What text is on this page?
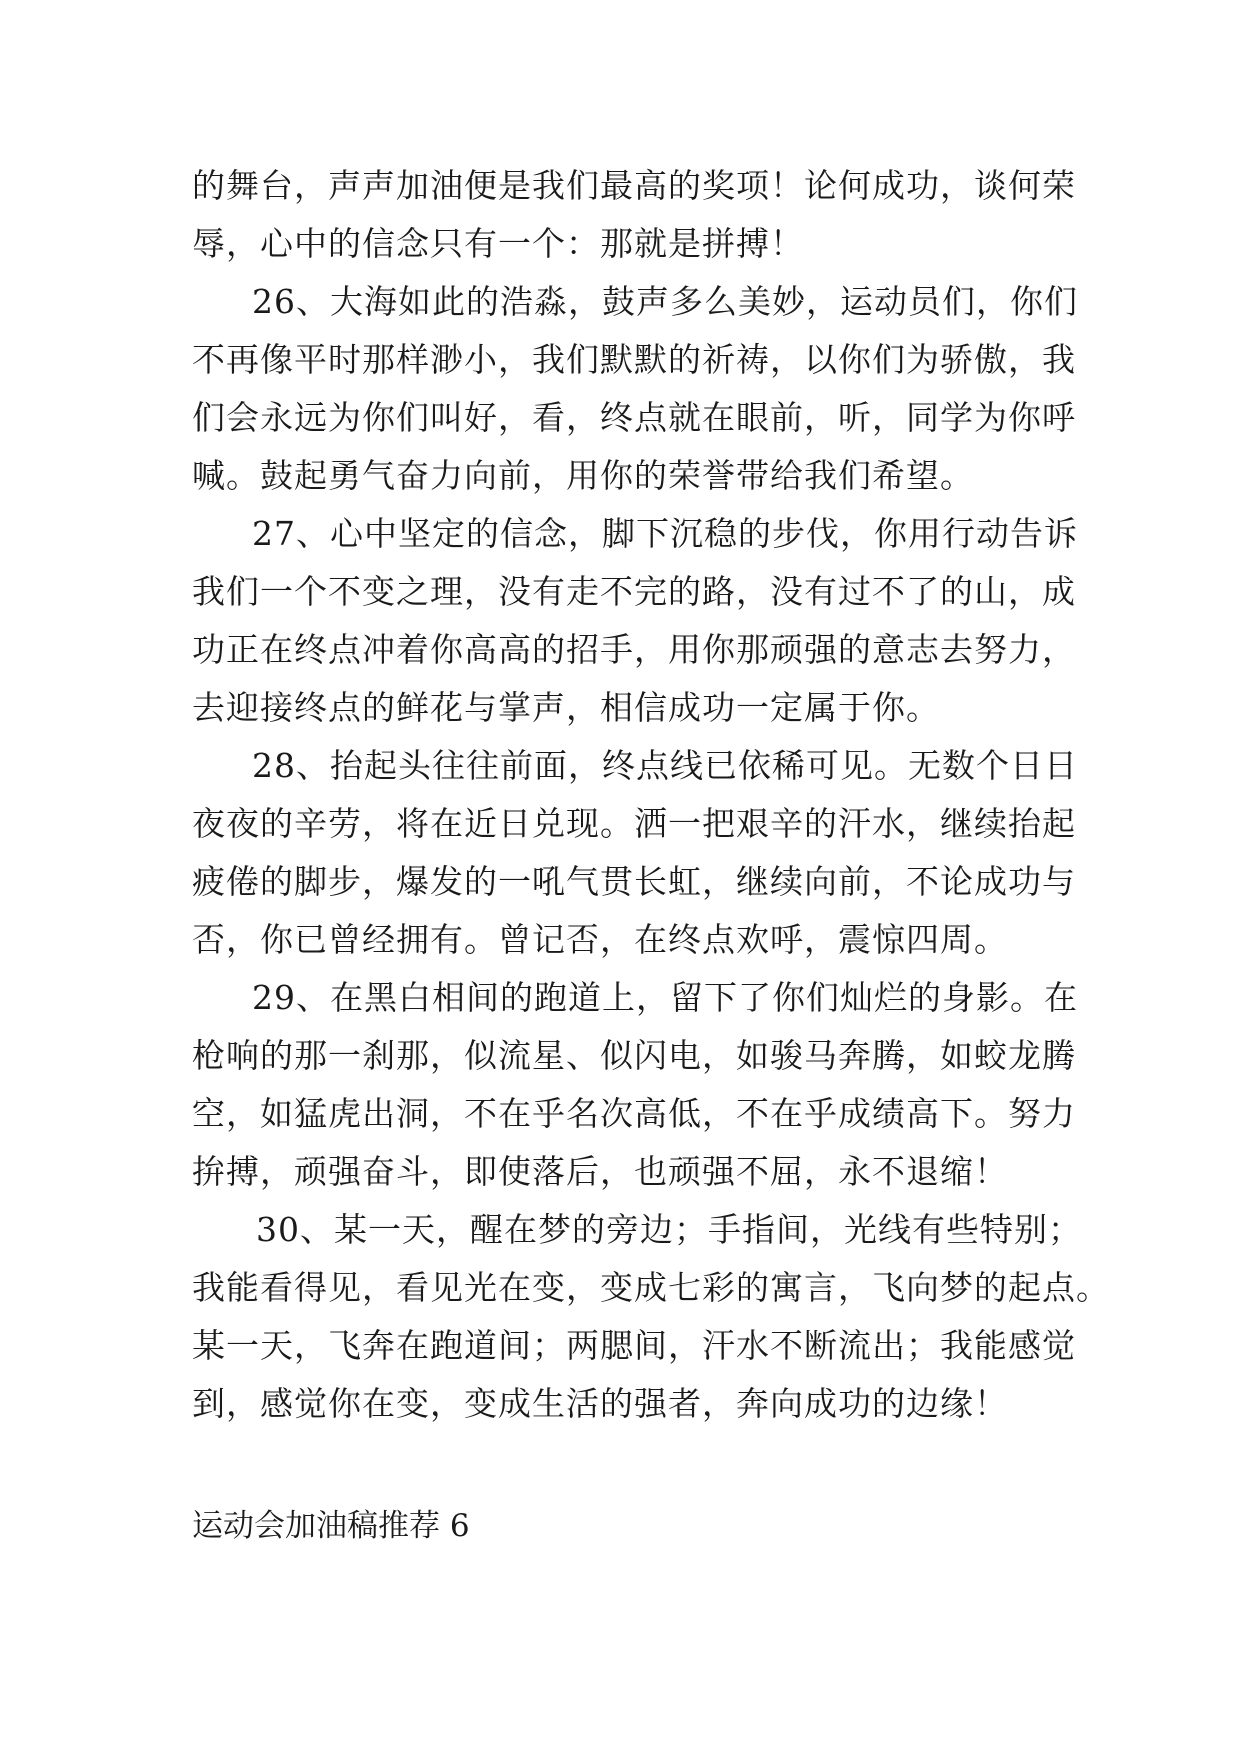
的舞台，声声加油便是我们最高的奖项！论何成功，谈何荣
辱，心中的信念只有一个：那就是拼搏！
26、大海如此的浩淼，鼓声多么美妙，运动员们，你们
不再像平时那样渺小，我们默默的祈祷，以你们为骄傲，我
们会永远为你们叫好，看，终点就在眼前，听，同学为你呼
喊。鼓起勇气奋力向前，用你的荣誉带给我们希望。
27、心中坚定的信念，脚下沉稳的步伐，你用行动告诉
我们一个不变之理，没有走不完的路，没有过不了的山，成
功正在终点冲着你高高的招手，用你那顽强的意志去努力，
去迎接终点的鲜花与掌声，相信成功一定属于你。
28、抬起头往往前面，终点线已依稀可见。无数个日日
夜夜的辛劳，将在近日兑现。洒一把艰辛的汗水，继续抬起
疲倦的脚步，爆发的一吼气贯长虹，继续向前，不论成功与
否，你已曾经拥有。曾记否，在终点欢呼，震惊四周。
29、在黑白相间的跑道上，留下了你们灿烂的身影。在
枪响的那一刹那，似流星、似闪电，如骏马奔腾，如蛟龙腾
空，如猛虎出洞，不在乎名次高低，不在乎成绩高下。努力
拚搏，顽强奋斗，即使落后，也顽强不屈，永不退缩！
30、某一天，醒在梦的旁边；手指间，光线有些特别；
我能看得见，看见光在变，变成七彩的寓言，飞向梦的起点。
某一天，飞奔在跑道间；两腮间，汗水不断流出；我能感觉
到，感觉你在变，变成生活的强者，奔向成功的边缘！
运动会加油稿推荐 6
